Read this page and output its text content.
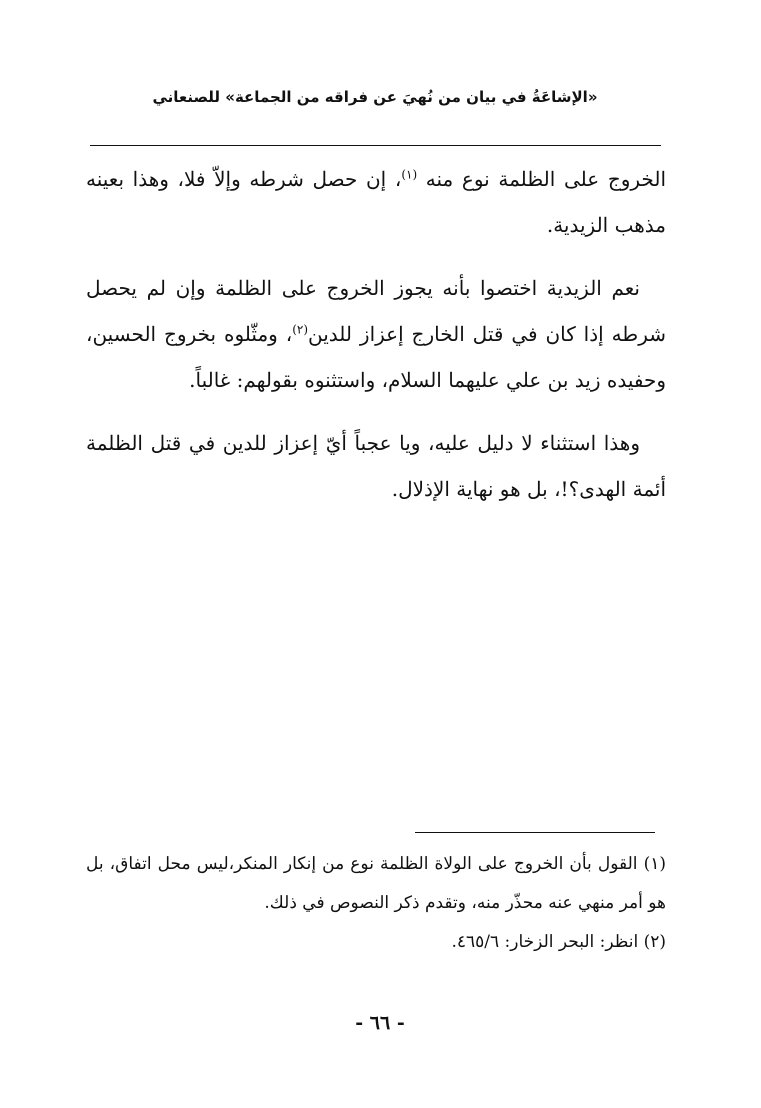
«الإشاعَةُ في بيان من نُهيَ عن فراقه من الجماعة» للصنعاني

الخروج على الظلمة نوع منه $^{(١)}$، إن حصل شرطه وإلاّ فلا، وهذا بعينه مذهب الزيدية.

نعم الزيدية اختصوا بأنه يجوز الخروج على الظلمة وإن لم يحصل شرطه إذا كان في قتل الخارج إعزاز للدين$^{(٢)}$، ومثّلوه بخروج الحسين، وحفيده زيد بن علي عليهما السلام، واستثنوه بقولهم: غالباً.

وهذا استثناء لا دليل عليه، ويا عجباً أيّ إعزاز للدين في قتل الظلمة أئمة الهدى؟!، بل هو نهاية الإذلال.

(١) القول بأن الخروج على الولاة الظلمة نوع من إنكار المنكر،ليس محل اتفاق، بل هو أمر منهي عنه محذّر منه، وتقدم ذكر النصوص في ذلك.

(٢) انظر: البحر الزخار: ٤٦٥/٦.

- ٦٦ -
